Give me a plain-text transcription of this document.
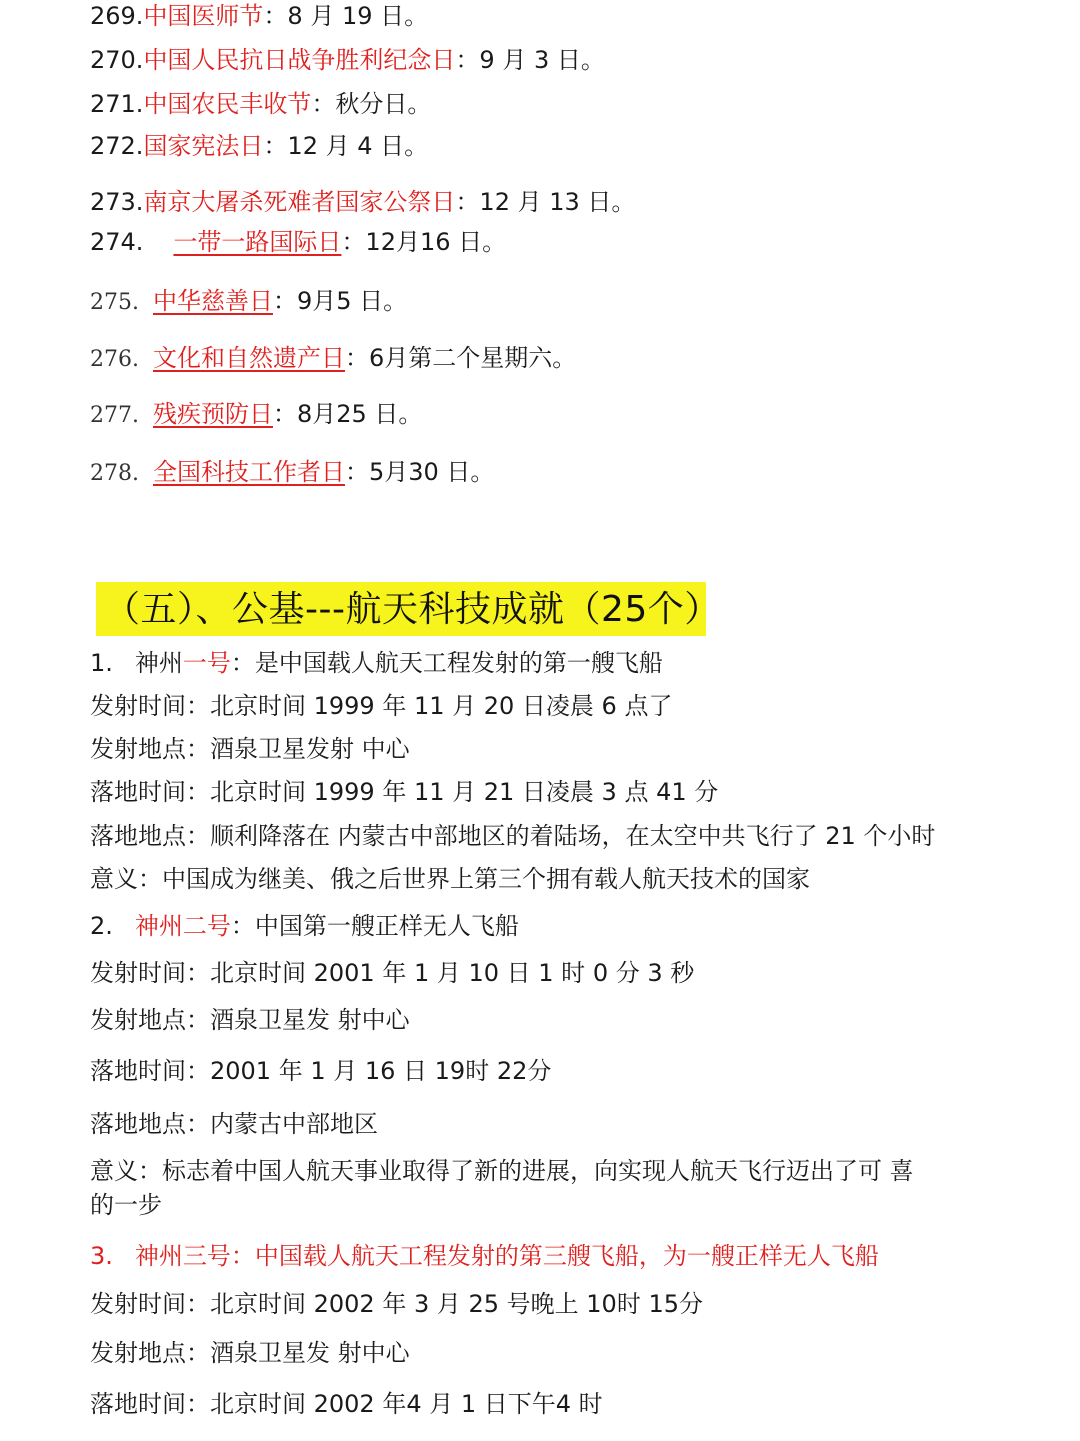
269.中国医师节：8 月 19 日。
270.中国人民抗日战争胜利纪念日：9 月 3 日。
271.中国农民丰收节：秋分日。
272.国家宪法日：12 月 4 日。
273.南京大屠杀死难者国家公祭日：12 月 13 日。
274. 一带一路国际日：12月16 日。
275. 中华慈善日：9月5 日。
276. 文化和自然遗产日：6月第二个星期六。
277. 残疾预防日：8月25 日。
278. 全国科技工作者日：5月30 日。
（五）、公基---航天科技成就（25个）
1. 神州一号：是中国载人航天工程发射的第一艘飞船
发射时间：北京时间 1999 年 11 月 20 日凌晨 6 点了
发射地点：酒泉卫星发射 中心
落地时间：北京时间 1999 年 11 月 21 日凌晨 3 点 41 分
落地地点：顺利降落在 内蒙古中部地区的着陆场，在太空中共飞行了 21 个小时
意义：中国成为继美、俄之后世界上第三个拥有载人航天技术的国家
2. 神州二号：中国第一艘正样无人飞船
发射时间：北京时间 2001 年 1 月 10 日 1 时 0 分 3 秒
发射地点：酒泉卫星发 射中心
落地时间：2001 年 1 月 16 日 19时 22分
落地地点：内蒙古中部地区
意义：标志着中国人航天事业取得了新的进展，向实现人航天飞行迈出了可 喜
的一步
3. 神州三号：中国载人航天工程发射的第三艘飞船，为一艘正样无人飞船
发射时间：北京时间 2002 年 3 月 25 号晚上 10时 15分
发射地点：酒泉卫星发 射中心
落地时间：北京时间 2002 年4 月 1 日下午4 时
